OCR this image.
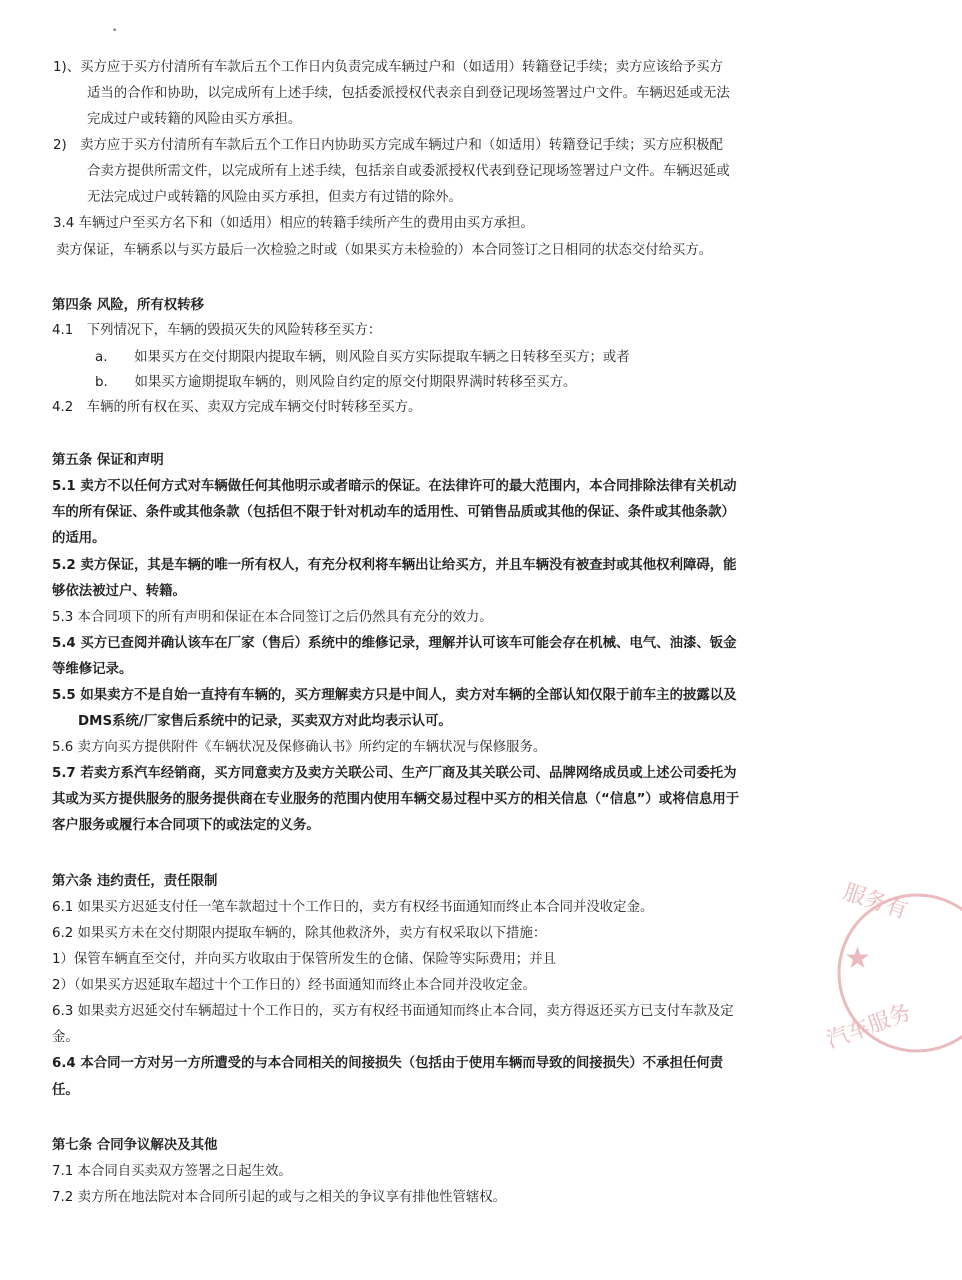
•
1)、买方应于买方付清所有车款后五个工作日内负责完成车辆过户和（如适用）转籍登记手续；卖方应该给予买方
适当的合作和协助，以完成所有上述手续，包括委派授权代表亲自到登记现场签署过户文件。车辆迟延或无法
完成过户或转籍的风险由买方承担。
2)　卖方应于买方付清所有车款后五个工作日内协助买方完成车辆过户和（如适用）转籍登记手续；买方应积极配
合卖方提供所需文件，以完成所有上述手续，包括亲自或委派授权代表到登记现场签署过户文件。车辆迟延或
无法完成过户或转籍的风险由买方承担，但卖方有过错的除外。
3.4 车辆过户至买方名下和（如适用）相应的转籍手续所产生的费用由买方承担。
卖方保证，车辆系以与买方最后一次检验之时或（如果买方未检验的）本合同签订之日相同的状态交付给买方。
第四条 风险，所有权转移
4.1　下列情况下，车辆的毁损灭失的风险转移至买方：
a.　　如果买方在交付期限内提取车辆，则风险自买方实际提取车辆之日转移至买方；或者
b.　　如果买方逾期提取车辆的，则风险自约定的原交付期限界满时转移至买方。
4.2　车辆的所有权在买、卖双方完成车辆交付时转移至买方。
第五条 保证和声明
5.1 卖方不以任何方式对车辆做任何其他明示或者暗示的保证。在法律许可的最大范围内，本合同排除法律有关机动
车的所有保证、条件或其他条款（包括但不限于针对机动车的适用性、可销售品质或其他的保证、条件或其他条款）
的适用。
5.2 卖方保证，其是车辆的唯一所有权人，有充分权利将车辆出让给买方，并且车辆没有被查封或其他权利障碍，能
够依法被过户、转籍。
5.3 本合同项下的所有声明和保证在本合同签订之后仍然具有充分的效力。
5.4 买方已查阅并确认该车在厂家（售后）系统中的维修记录，理解并认可该车可能会存在机械、电气、油漆、钣金
等维修记录。
5.5 如果卖方不是自始一直持有车辆的，买方理解卖方只是中间人，卖方对车辆的全部认知仅限于前车主的披露以及
DMS系统/厂家售后系统中的记录，买卖双方对此均表示认可。
5.6 卖方向买方提供附件《车辆状况及保修确认书》所约定的车辆状况与保修服务。
5.7 若卖方系汽车经销商，买方同意卖方及卖方关联公司、生产厂商及其关联公司、品牌网络成员或上述公司委托为
其或为买方提供服务的服务提供商在专业服务的范围内使用车辆交易过程中买方的相关信息（“信息”）或将信息用于
客户服务或履行本合同项下的或法定的义务。
第六条 违约责任，责任限制
6.1 如果买方迟延支付任一笔车款超过十个工作日的，卖方有权经书面通知而终止本合同并没收定金。
6.2 如果买方未在交付期限内提取车辆的，除其他救济外，卖方有权采取以下措施：
1）保管车辆直至交付，并向买方收取由于保管所发生的仓储、保险等实际费用；并且
2）（如果买方迟延取车超过十个工作日的）经书面通知而终止本合同并没收定金。
6.3 如果卖方迟延交付车辆超过十个工作日的，买方有权经书面通知而终止本合同，卖方得返还买方已支付车款及定
金。
6.4 本合同一方对另一方所遭受的与本合同相关的间接损失（包括由于使用车辆而导致的间接损失）不承担任何责
任。
第七条 合同争议解决及其他
7.1 本合同自买卖双方签署之日起生效。
7.2 卖方所在地法院对本合同所引起的或与之相关的争议享有排他性管辖权。
服务有
★
汽车服务
